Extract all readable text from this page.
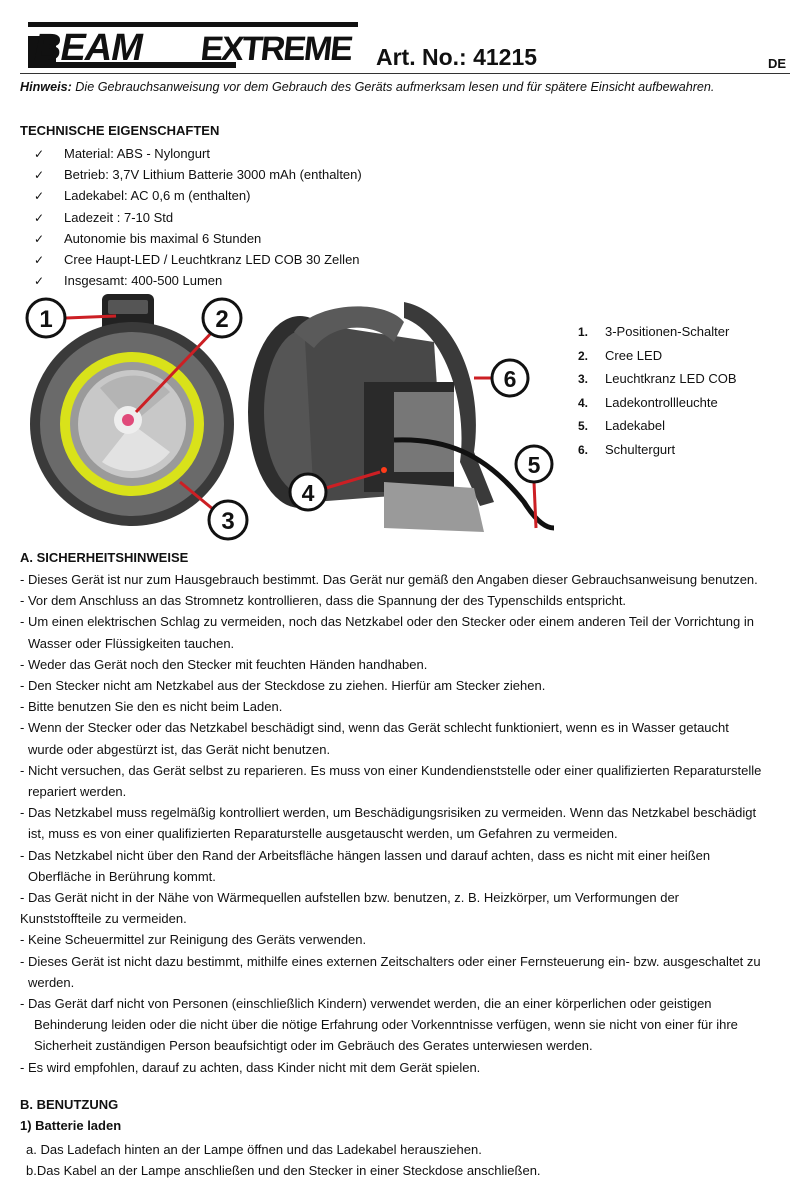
BEAM EXTREME Art. No.: 41215	DE
Hinweis: Die Gebrauchsanweisung vor dem Gebrauch des Geräts aufmerksam lesen und für spätere Einsicht aufbewahren.
TECHNISCHE EIGENSCHAFTEN
✓ Material: ABS - Nylongurt
✓ Betrieb: 3,7V Lithium Batterie 3000 mAh (enthalten)
✓ Ladekabel: AC 0,6 m (enthalten)
✓ Ladezeit : 7-10 Std
✓ Autonomie bis maximal 6 Stunden
✓ Cree Haupt-LED / Leuchtkranz LED COB 30 Zellen
✓ Insgesamt: 400-500 Lumen
1	2
3
6
5
4
1. 3-Positionen-Schalter
2. Cree LED
3. Leuchtkranz LED COB
4. Ladekontrollleuchte
5. Ladekabel
6. Schultergurt
A. SICHERHEITSHINWEISE

- Dieses Gerät ist nur zum Hausgebrauch bestimmt. Das Gerät nur gemäß den Angaben dieser Gebrauchsanweisung benutzen.

- Vor dem Anschluss an das Stromnetz kontrollieren, dass die Spannung der des Typenschilds entspricht.

- Um einen elektrischen Schlag zu vermeiden, noch das Netzkabel oder den Stecker oder einem anderen Teil der Vorrichtung in

Wasser oder Flüssigkeiten tauchen.

- Weder das Gerät noch den Stecker mit feuchten Händen handhaben.

- Den Stecker nicht am Netzkabel aus der Steckdose zu ziehen. Hierfür am Stecker ziehen.

- Bitte benutzen Sie den es nicht beim Laden.

- Wenn der Stecker oder das Netzkabel beschädigt sind, wenn das Gerät schlecht funktioniert, wenn es in Wasser getaucht

wurde oder abgestürzt ist, das Gerät nicht benutzen.

- Nicht versuchen, das Gerät selbst zu reparieren. Es muss von einer Kundendienststelle oder einer qualifizierten Reparaturstelle

repariert werden.

- Das Netzkabel muss regelmäßig kontrolliert werden, um Beschädigungsrisiken zu vermeiden. Wenn das Netzkabel beschädigt

ist, muss es von einer qualifizierten Reparaturstelle ausgetauscht werden, um Gefahren zu vermeiden.

- Das Netzkabel nicht über den Rand der Arbeitsfläche hängen lassen und darauf achten, dass es nicht mit einer heißen

Oberfläche in Berührung kommt.

- Das Gerät nicht in der Nähe von Wärmequellen aufstellen bzw. benutzen, z. B. Heizkörper, um Verformungen der

Kunststoffteile zu vermeiden.

- Keine Scheuermittel zur Reinigung des Geräts verwenden.

- Dieses Gerät ist nicht dazu bestimmt, mithilfe eines externen Zeitschalters oder einer Fernsteuerung ein- bzw. ausgeschaltet zu

werden.

- Das Gerät darf nicht von Personen (einschließlich Kindern) verwendet werden, die an einer körperlichen oder geistigen

Behinderung leiden oder die nicht über die nötige Erfahrung oder Vorkenntnisse verfügen, wenn sie nicht von einer für ihre

Sicherheit zuständigen Person beaufsichtigt oder im Gebräuch des Gerates unterwiesen werden.

- Es wird empfohlen, darauf zu achten, dass Kinder nicht mit dem Gerät spielen.

B. BENUTZUNG
1) Batterie laden

a. Das Ladefach hinten an der Lampe öffnen und das Ladekabel herausziehen.

b.Das Kabel an der Lampe anschließen und den Stecker in einer Steckdose anschließen.
